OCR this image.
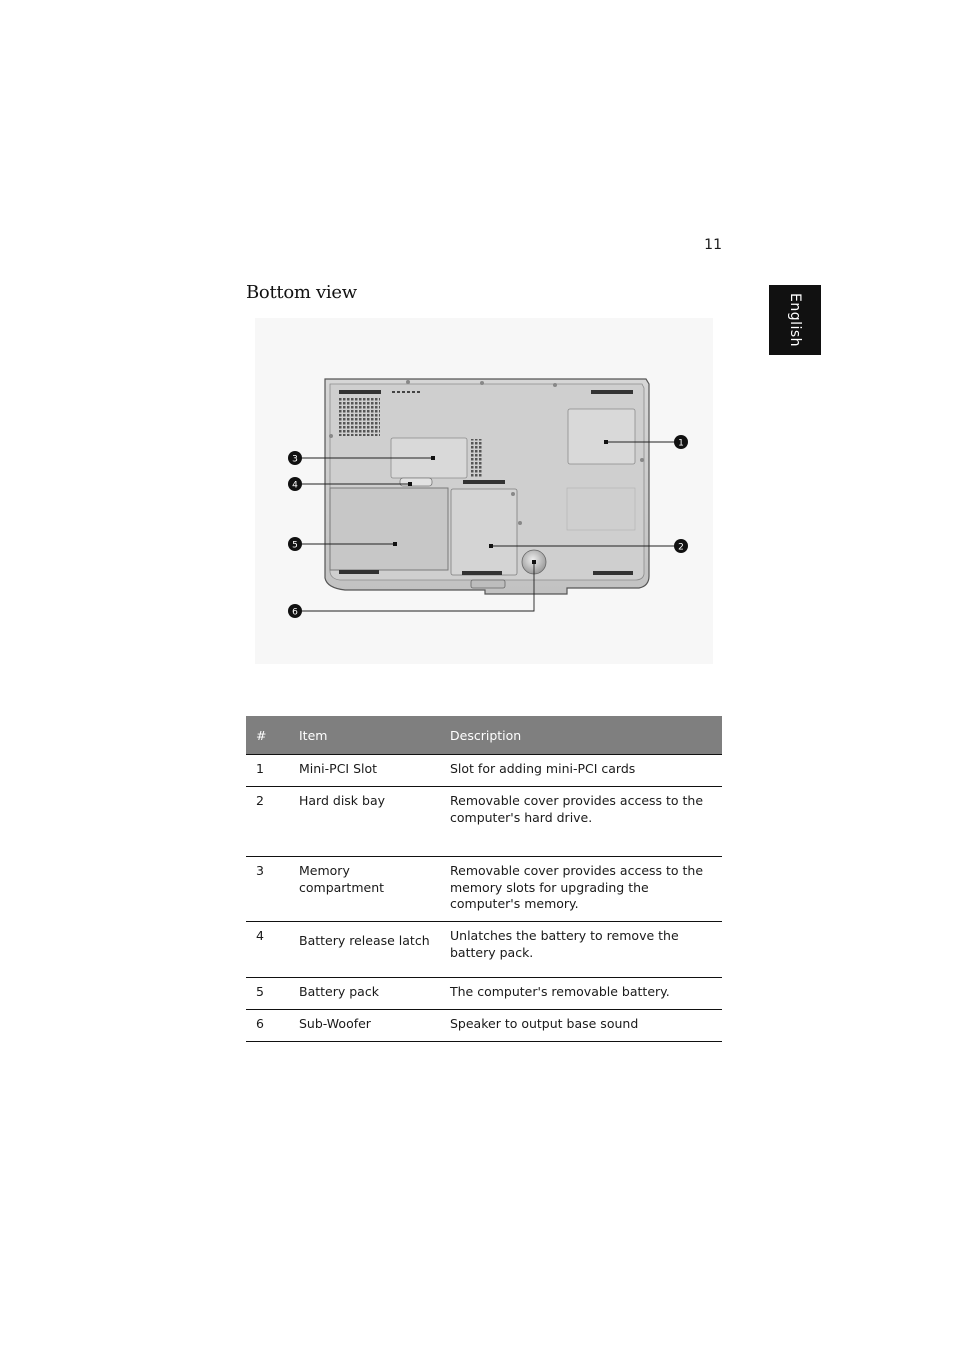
11
English
Bottom view
1
2
3
4
5
6
#	Item	Description
1	Mini-PCI Slot	Slot for adding mini-PCI cards
2	Hard disk bay	Removable cover provides access to the computer's hard drive.
3	Memory compartment	Removable cover provides access to the memory slots for upgrading the computer's memory.
4	Battery release latch	Unlatches the battery to remove the battery pack.
5	Battery pack	The computer's removable battery.
6	Sub-Woofer	Speaker to output base sound
